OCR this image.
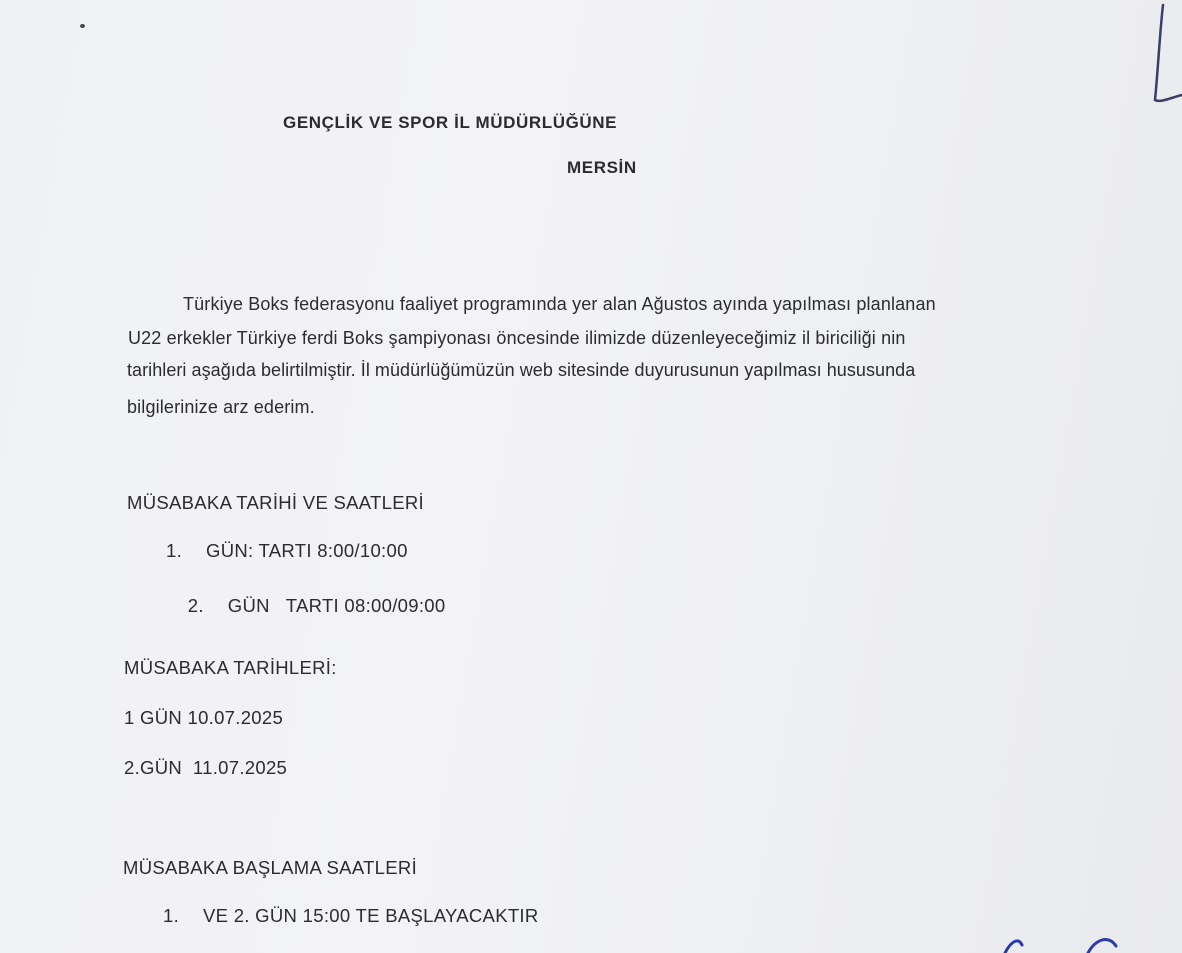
GENÇLİK VE SPOR İL MÜDÜRLÜĞÜNE
MERSİN
Türkiye Boks federasyonu faaliyet programında yer alan Ağustos ayında yapılması planlanan
U22 erkekler Türkiye ferdi Boks şampiyonası öncesinde ilimizde düzenleyeceğimiz il biriciliği nin
tarihleri aşağıda belirtilmiştir. İl müdürlüğümüzün web sitesinde duyurusunun yapılması hususunda
bilgilerinize arz ederim.
MÜSABAKA TARİHİ VE SAATLERİ
1. GÜN: TARTI 8:00/10:00

2. GÜN   TARTI 08:00/09:00

MÜSABAKA TARİHLERİ:
1 GÜN 10.07.2025
2.GÜN  11.07.2025
MÜSABAKA BAŞLAMA SAATLERİ
1. VE 2. GÜN 15:00 TE BAŞLAYACAKTIR
